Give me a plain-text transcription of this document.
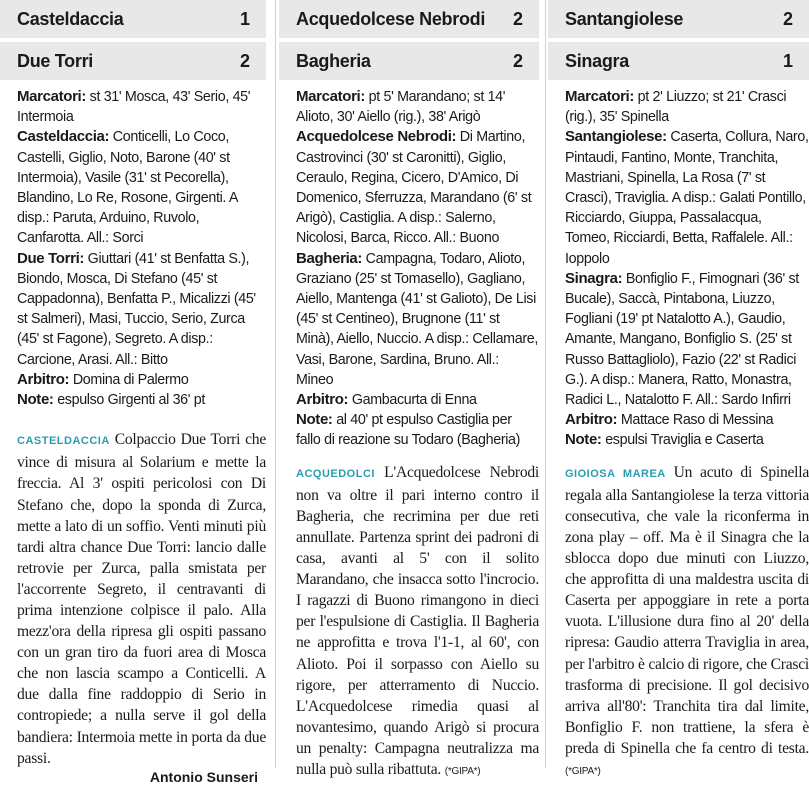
Casteldaccia	1
Due Torri	2

Marcatori: st 31' Mosca, 43' Serio, 45' Intermoia

Casteldaccia: Conticelli, Lo Coco, Castelli, Giglio, Noto, Barone (40' st Intermoia), Vasile (31' st Pecorella), Blandino, Lo Re, Rosone, Girgenti. A disp.: Paruta, Arduino, Ruvolo, Canfarotta. All.: Sorci

Due Torri: Giuttari (41' st Benfatta S.), Biondo, Mosca, Di Stefano (45' st Cappadonna), Benfatta P., Micalizzi (45' st Salmeri), Masi, Tuccio, Serio, Zurca (45' st Fagone), Segreto. A disp.: Carcione, Arasi. All.: Bitto

Arbitro: Domina di Palermo

Note: espulso Girgenti al 36' pt

CASTELDACCIA Colpaccio Due Torri che vince di misura al Solarium e mette la freccia. Al 3' ospiti pericolosi con Di Stefano che, dopo la sponda di Zurca, mette a lato di un soffio. Venti minuti più tardi altra chance Due Torri: lancio dalle retrovie per Zurca, palla smistata per l'accorrente Segreto, il centravanti di prima intenzione colpisce il palo. Alla mezz'ora della ripresa gli ospiti passano con un gran tiro da fuori area di Mosca che non lascia scampo a Conticelli. A due dalla fine raddoppio di Serio in contropiede; a nulla serve il gol della bandiera: Intermoia mette in porta da due passi.

Antonio Sunseri
Acquedolcese Nebrodi 2
Bagheria	2

Marcatori: pt 5' Marandano; st 14' Alioto, 30' Aiello (rig.), 38' Arigò

Acquedolcese Nebrodi: Di Martino, Castrovinci (30' st Caronitti), Giglio, Ceraulo, Regina, Cicero, D'Amico, Di Domenico, Sferruzza, Marandano (6' st Arigò), Castiglia. A disp.: Salerno, Nicolosi, Barca, Ricco. All.: Buono

Bagheria: Campagna, Todaro, Alioto, Graziano (25' st Tomasello), Gagliano, Aiello, Mantenga (41' st Galioto), De Lisi (45' st Centineo), Brugnone (11' st Minà), Aiello, Nuccio. A disp.: Cellamare, Vasi, Barone, Sardina, Bruno. All.: Mineo

Arbitro: Gambacurta di Enna

Note: al 40' pt espulso Castiglia per fallo di reazione su Todaro (Bagheria)

ACQUEDOLCI L'Acquedolcese Nebrodi non va oltre il pari interno contro il Bagheria, che recrimina per due reti annullate. Partenza sprint dei padroni di casa, avanti al 5' con il solito Marandano, che insacca sotto l'incrocio. I ragazzi di Buono rimangono in dieci per l'espulsione di Castiglia. Il Bagheria ne approfitta e trova l'1-1, al 60', con Alioto. Poi il sorpasso con Aiello su rigore, per atterramento di Nuccio. L'Acquedolcese rimedia quasi al novantesimo, quando Arigò si procura un penalty: Campagna neutralizza ma nulla può sulla ribattuta. (*GIPA*)

Santangiolese	2
Sinagra	1

Marcatori: pt 2' Liuzzo; st 21' Crasci (rig.), 35' Spinella

Santangiolese: Caserta, Collura, Naro, Pintaudi, Fantino, Monte, Tranchita, Mastriani, Spinella, La Rosa (7' st Crasci), Traviglia. A disp.: Galati Pontillo, Ricciardo, Giuppa, Passalacqua, Tomeo, Ricciardi, Betta, Raffalele. All.: Ioppolo

Sinagra: Bonfiglio F., Fimognari (36' st Bucale), Saccà, Pintabona, Liuzzo, Fogliani (19' pt Natalotto A.), Gaudio, Amante, Mangano, Bonfiglio S. (25' st Russo Battagliolo), Fazio (22' st Radici G.). A disp.: Manera, Ratto, Monastra, Radici L., Natalotto F. All.: Sardo Infirri

Arbitro: Mattace Raso di Messina

Note: espulsi Traviglia e Caserta

GIOIOSA MAREA Un acuto di Spinella regala alla Santangiolese la terza vittoria consecutiva, che vale la riconferma in zona play – off. Ma è il Sinagra che la sblocca dopo due minuti con Liuzzo, che approfitta di una maldestra uscita di Caserta per appoggiare in rete a porta vuota. L'illusione dura fino al 20' della ripresa: Gaudio atterra Traviglia in area, per l'arbitro è calcio di rigore, che Crascì trasforma di precisione. Il gol decisivo arriva all'80': Tranchita tira dal limite, Bonfiglio F. non trattiene, la sfera è preda di Spinella che fa centro di testa. (*GIPA*)
